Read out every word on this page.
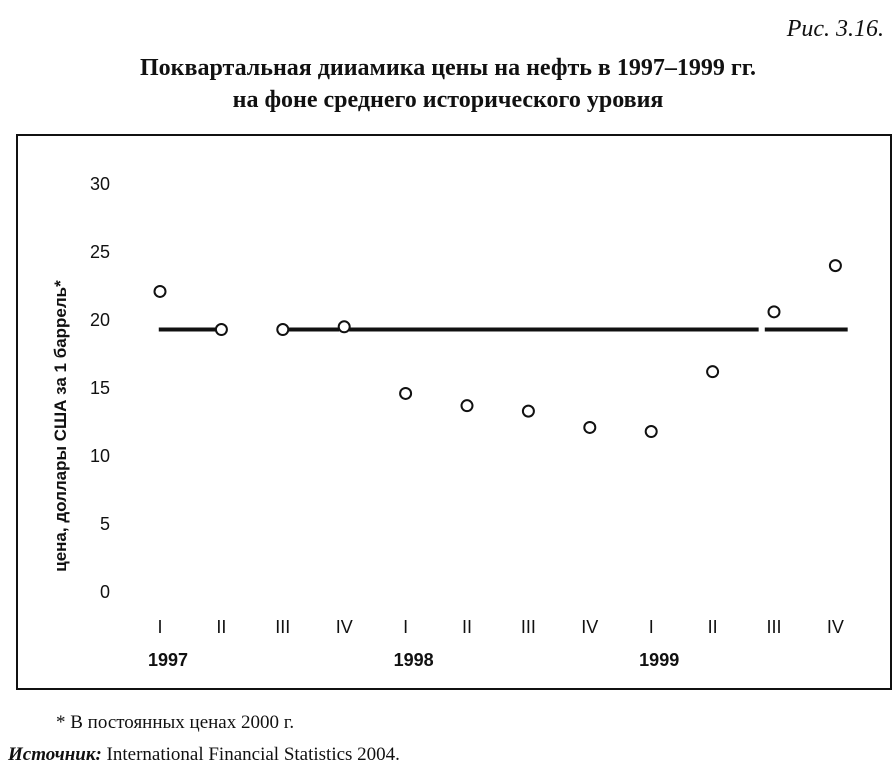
Рис. 3.16.
Поквартальная дииамика цены на нефть в 1997–1999 гг.
на фоне среднего исторического уровия
0
5
10
15
20
25
30
цена, доллары США за 1 баррель*
I	II	III	IV	I	II	III	IV	I	II	III	IV
1997	1998	1999
* В постоянных ценах 2000 г.
Источник: International Financial Statistics 2004.
